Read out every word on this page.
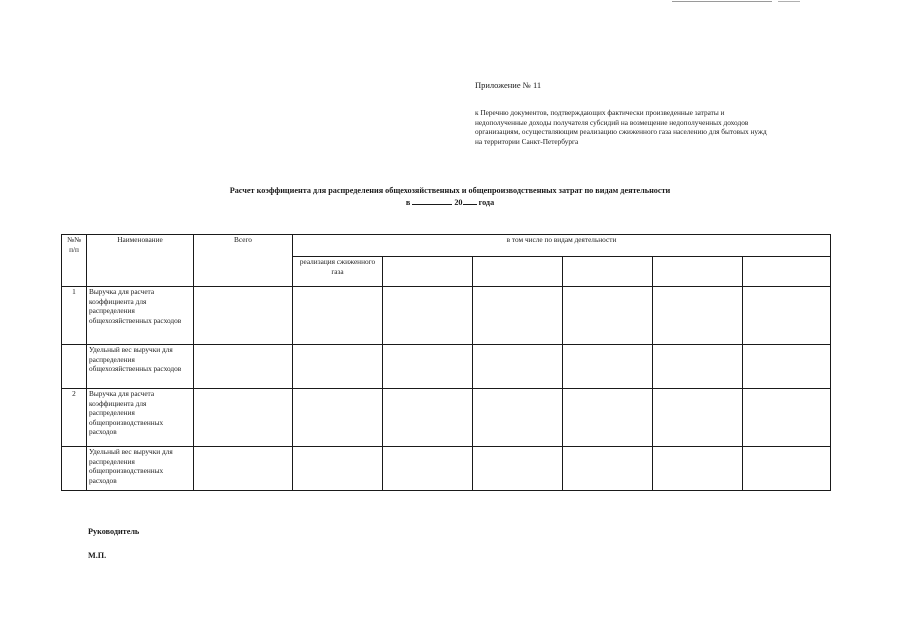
Приложение № 11
к Перечню документов, подтверждающих фактически произведенные затраты и
недополученные доходы получателя субсидий на возмещение недополученных доходов
организациям, осуществляющим реализацию сжиженного газа населению для бытовых нужд
на территории Санкт-Петербурга
Расчет коэффициента для распределения общехозяйственных и общепроизводственных затрат по видам деятельности
в	20 года
№№ п/п	Наименование	Всего	в том числе по видам деятельности					
			реализация сжиженного газа					
1	Выручка для расчета коэффициента для распределения общехозяйственных расходов							
	Удельный вес выручки для распределения общехозяйственных расходов							
2	Выручка для расчета коэффициента для распределения общепроизводственных расходов							
	Удельный вес выручки для распределения общепроизводственных расходов							
Руководитель
М.П.
